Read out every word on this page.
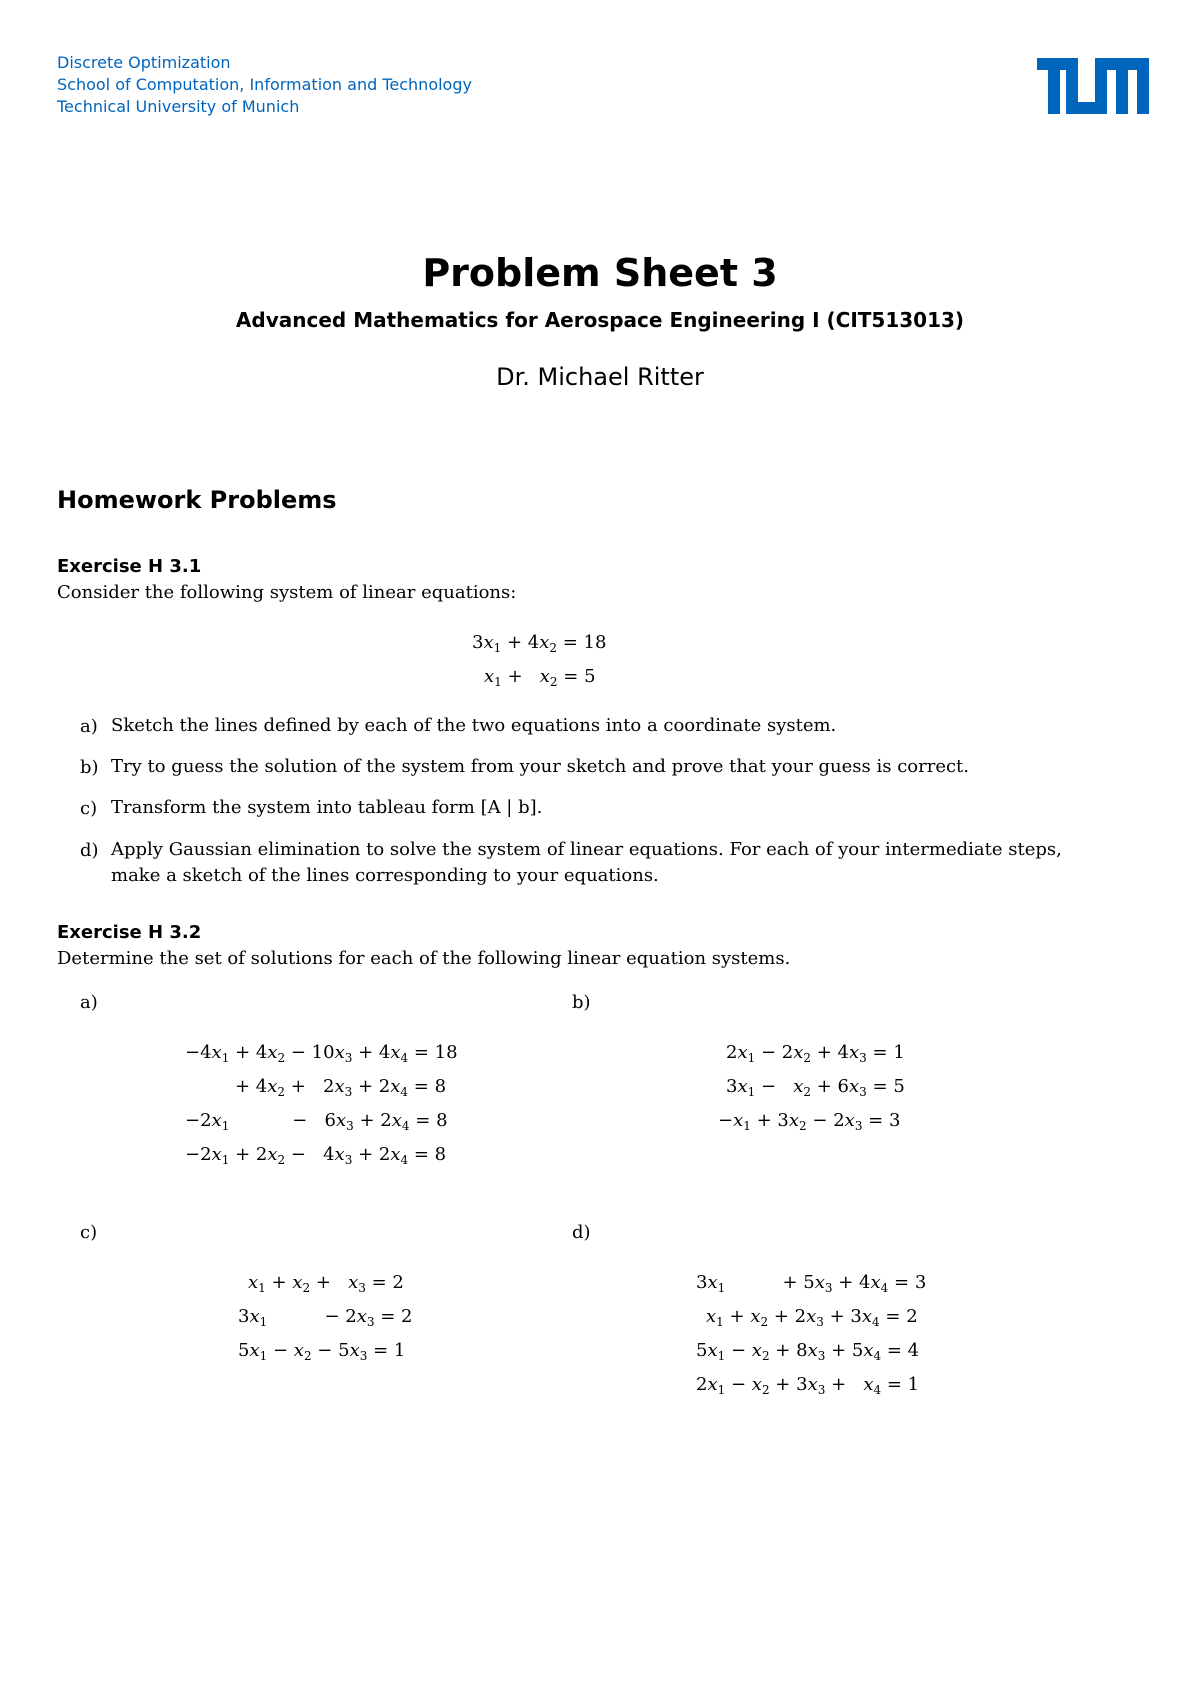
Discrete Optimization
School of Computation, Information and Technology
Technical University of Munich
Problem Sheet 3
Advanced Mathematics for Aerospace Engineering I (CIT513013)
Dr. Michael Ritter
Homework Problems
Exercise H 3.1
Consider the following system of linear equations:
$3x_1 + 4x_2 = 18$
$x_1 + x_2 = 5$
a) Sketch the lines defined by each of the two equations into a coordinate system.
b) Try to guess the solution of the system from your sketch and prove that your guess is correct.
c) Transform the system into tableau form [A | b].
d) Apply Gaussian elimination to solve the system of linear equations. For each of your intermediate steps, make a sketch of the lines corresponding to your equations.
Exercise H 3.2
Determine the set of solutions for each of the following linear equation systems.
a)	b)
$-4x_1 + 4x_2 - 10x_3 + 4x_4 = 18$
+ $4x_2 + 2x_3 + 2x_4 = 8$
$-2x_1$           −   $6x_3 + 2x_4 = 8$
$-2x_1 + 2x_2 - 4x_3 + 2x_4 = 8$
$2x_1 - 2x_2 + 4x_3 = 1$
$3x_1 - x_2 + 6x_3 = 5$
$-x_1 + 3x_2 - 2x_3 = 3$
c)	d)
$x_1 + x_2 + x_3 = 2$
$3x_1$          − $2x_3 = 2$
$5x_1 - x_2 - 5x_3 = 1$
$3x_1$          + $5x_3 + 4x_4 = 3$
$x_1 + x_2 + 2x_3 + 3x_4 = 2$
$5x_1 - x_2 + 8x_3 + 5x_4 = 4$
$2x_1 - x_2 + 3x_3 + x_4 = 1$
